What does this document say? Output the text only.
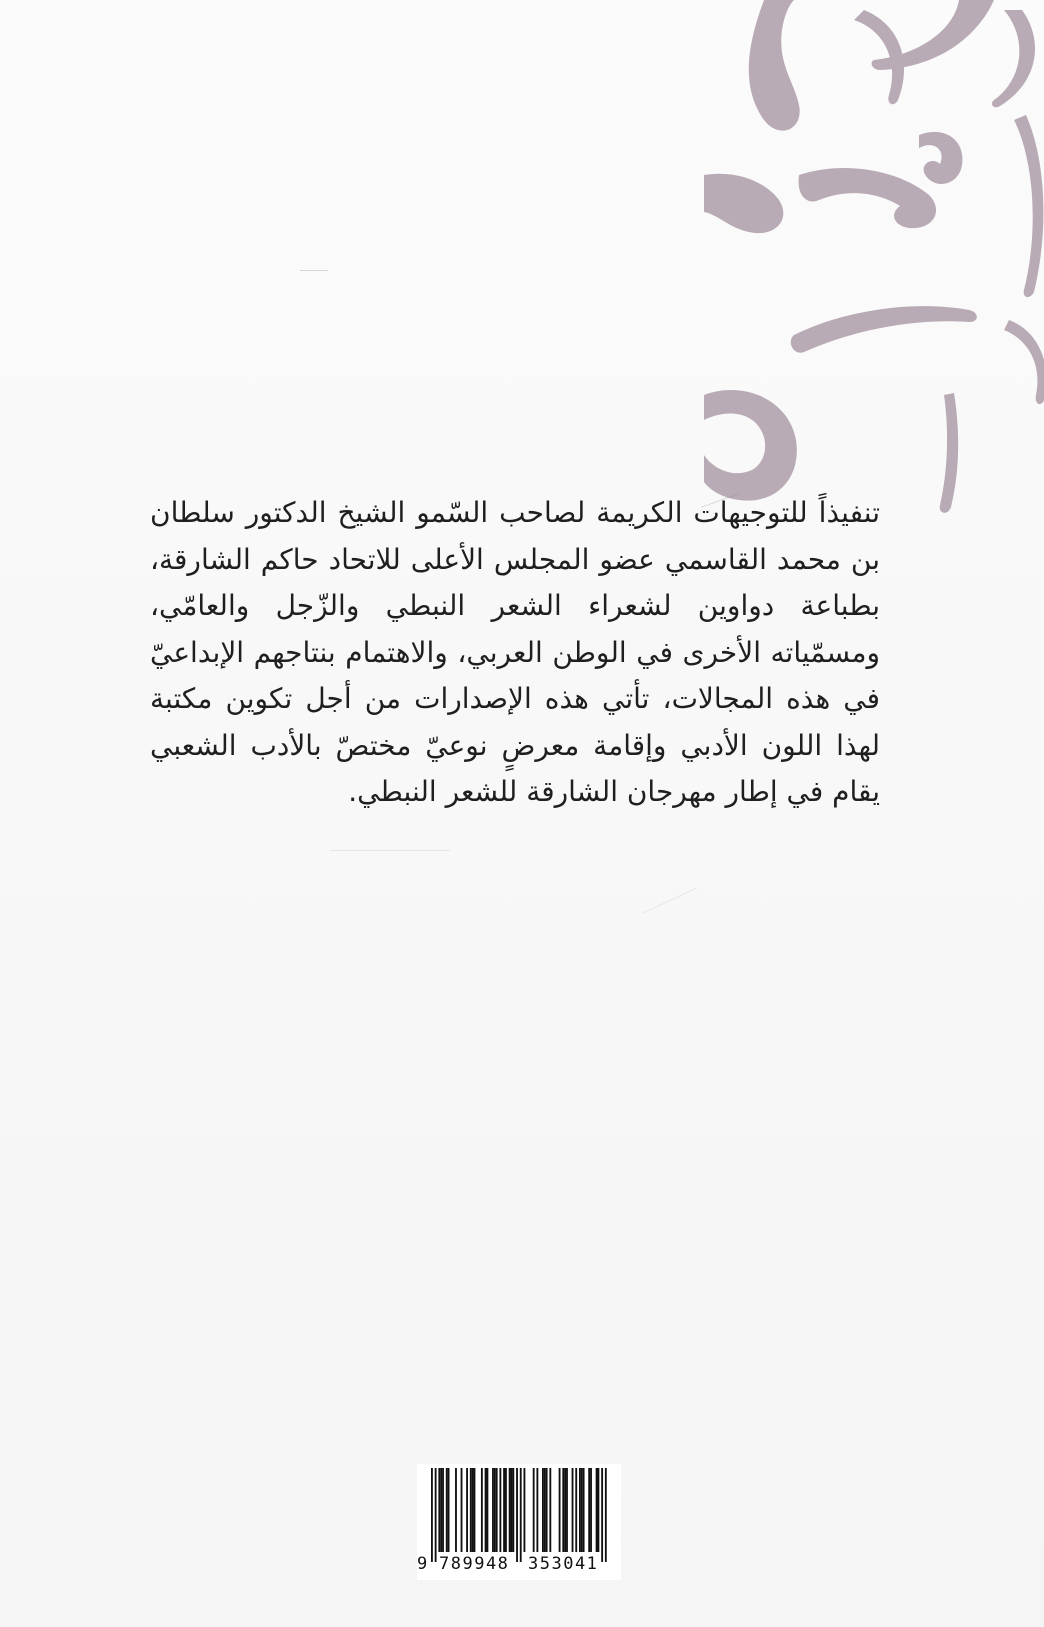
تنفيذاً للتوجيهات الكريمة لصاحب السّمو الشيخ الدكتور سلطان بن محمد القاسمي عضو المجلس الأعلى للاتحاد حاكم الشارقة، بطباعة دواوين لشعراء الشعر النبطي والزّجل والعامّي، ومسمّياته الأخرى في الوطن العربي، والاهتمام بنتاجهم الإبداعيّ في هذه المجالات، تأتي هذه الإصدارات من أجل تكوين مكتبة لهذا اللون الأدبي وإقامة معرضٍ نوعيّ مختصّ بالأدب الشعبي يقام في إطار مهرجان الشارقة للشعر النبطي.

9 789948 353041
